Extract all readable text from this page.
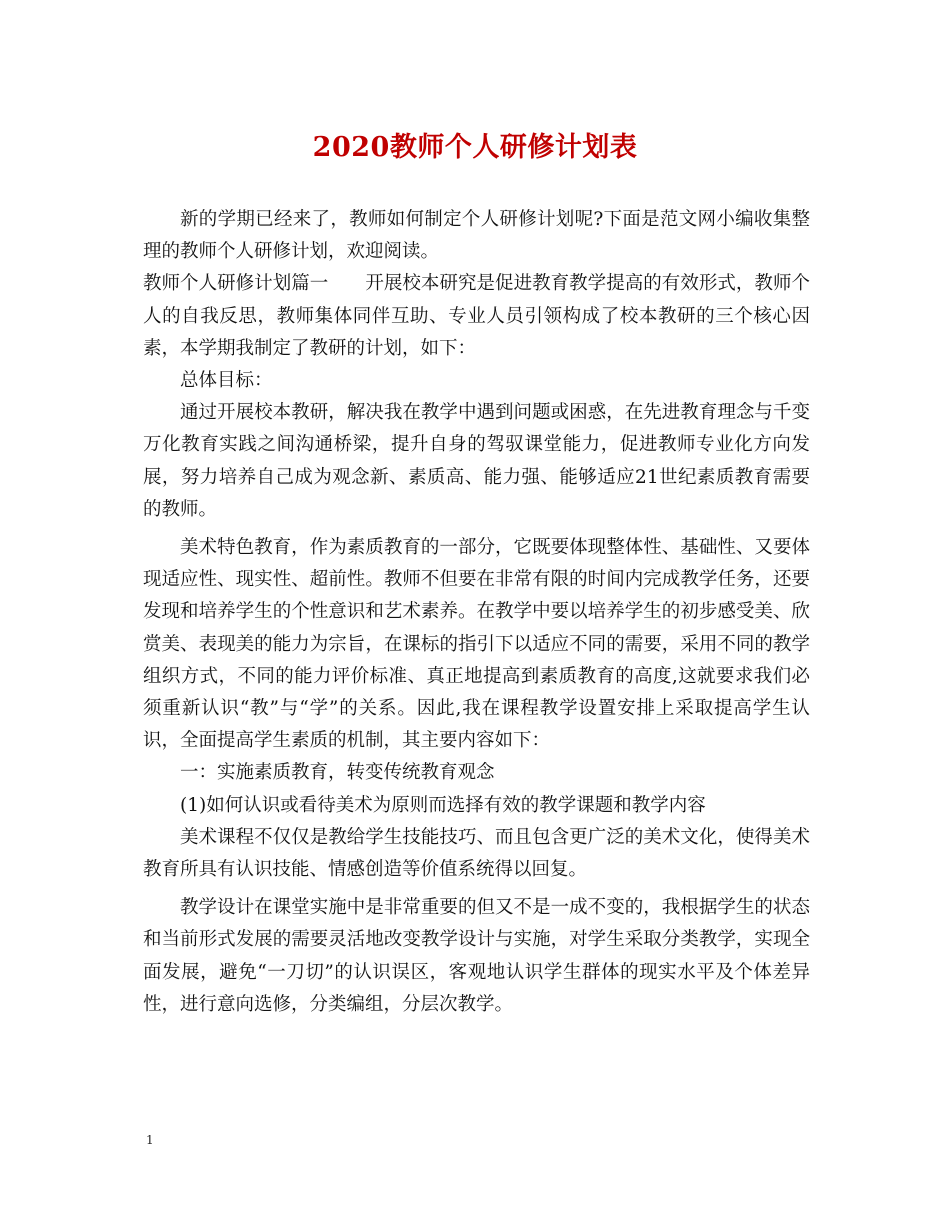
2020教师个人研修计划表

新的学期已经来了，教师如何制定个人研修计划呢?下面是范文网小编收集整理的教师个人研修计划，欢迎阅读。

教师个人研修计划篇一　　开展校本研究是促进教育教学提高的有效形式，教师个人的自我反思，教师集体同伴互助、专业人员引领构成了校本教研的三个核心因素，本学期我制定了教研的计划，如下：

总体目标：

通过开展校本教研，解决我在教学中遇到问题或困惑，在先进教育理念与千变万化教育实践之间沟通桥梁，提升自身的驾驭课堂能力，促进教师专业化方向发展，努力培养自己成为观念新、素质高、能力强、能够适应21世纪素质教育需要的教师。

美术特色教育，作为素质教育的一部分，它既要体现整体性、基础性、又要体现适应性、现实性、超前性。教师不但要在非常有限的时间内完成教学任务，还要发现和培养学生的个性意识和艺术素养。在教学中要以培养学生的初步感受美、欣赏美、表现美的能力为宗旨，在课标的指引下以适应不同的需要，采用不同的教学组织方式，不同的能力评价标准、真正地提高到素质教育的高度,这就要求我们必须重新认识“教”与“学”的关系。因此,我在课程教学设置安排上采取提高学生认识，全面提高学生素质的机制，其主要内容如下：

一：实施素质教育，转变传统教育观念

(1)如何认识或看待美术为原则而选择有效的教学课题和教学内容

美术课程不仅仅是教给学生技能技巧、而且包含更广泛的美术文化，使得美术教育所具有认识技能、情感创造等价值系统得以回复。

教学设计在课堂实施中是非常重要的但又不是一成不变的，我根据学生的状态和当前形式发展的需要灵活地改变教学设计与实施，对学生采取分类教学，实现全面发展，避免“一刀切”的认识误区，客观地认识学生群体的现实水平及个体差异性，进行意向选修，分类编组，分层次教学。

1
